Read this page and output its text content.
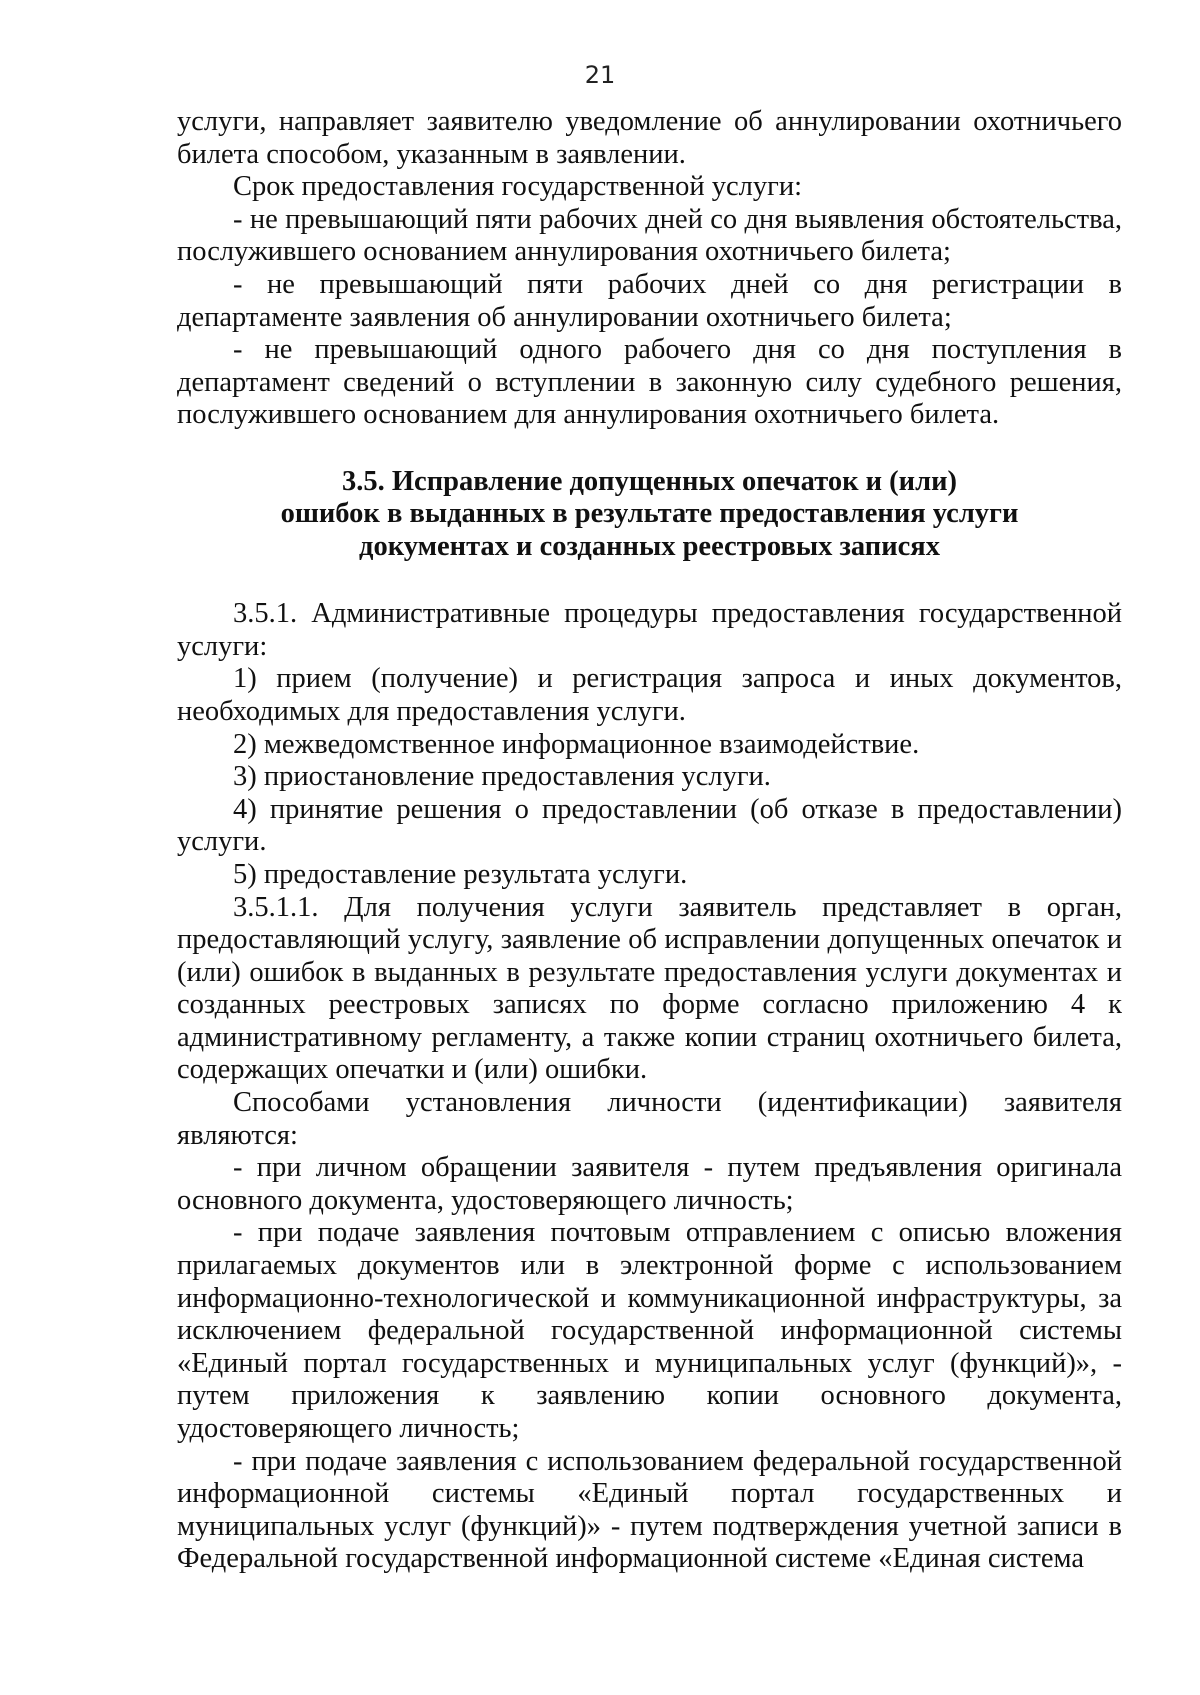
21

услуги, направляет заявителю уведомление об аннулировании охотничьего билета способом, указанным в заявлении.

Срок предоставления государственной услуги:

- не превышающий пяти рабочих дней со дня выявления обстоятельства, послужившего основанием аннулирования охотничьего билета;

- не превышающий пяти рабочих дней со дня регистрации в департаменте заявления об аннулировании охотничьего билета;

- не превышающий одного рабочего дня со дня поступления в департамент сведений о вступлении в законную силу судебного решения, послужившего основанием для аннулирования охотничьего билета.

3.5. Исправление допущенных опечаток и (или)
ошибок в выданных в результате предоставления услуги
документах и созданных реестровых записях

3.5.1. Административные процедуры предоставления государственной услуги:

1) прием (получение) и регистрация запроса и иных документов, необходимых для предоставления услуги.

2) межведомственное информационное взаимодействие.

3) приостановление предоставления услуги.

4) принятие решения о предоставлении (об отказе в предоставлении) услуги.

5) предоставление результата услуги.

3.5.1.1. Для получения услуги заявитель представляет в орган, предоставляющий услугу, заявление об исправлении допущенных опечаток и (или) ошибок в выданных в результате предоставления услуги документах и созданных реестровых записях по форме согласно приложению 4 к административному регламенту, а также копии страниц охотничьего билета, содержащих опечатки и (или) ошибки.

Способами установления личности (идентификации) заявителя являются:

- при личном обращении заявителя - путем предъявления оригинала основного документа, удостоверяющего личность;

- при подаче заявления почтовым отправлением с описью вложения прилагаемых документов или в электронной форме с использованием информационно-технологической и коммуникационной инфраструктуры, за исключением федеральной государственной информационной системы «Единый портал государственных и муниципальных услуг (функций)», - путем приложения к заявлению копии основного документа, удостоверяющего личность;

- при подаче заявления с использованием федеральной государственной информационной системы «Единый портал государственных и муниципальных услуг (функций)» - путем подтверждения учетной записи в Федеральной государственной информационной системе «Единая система
